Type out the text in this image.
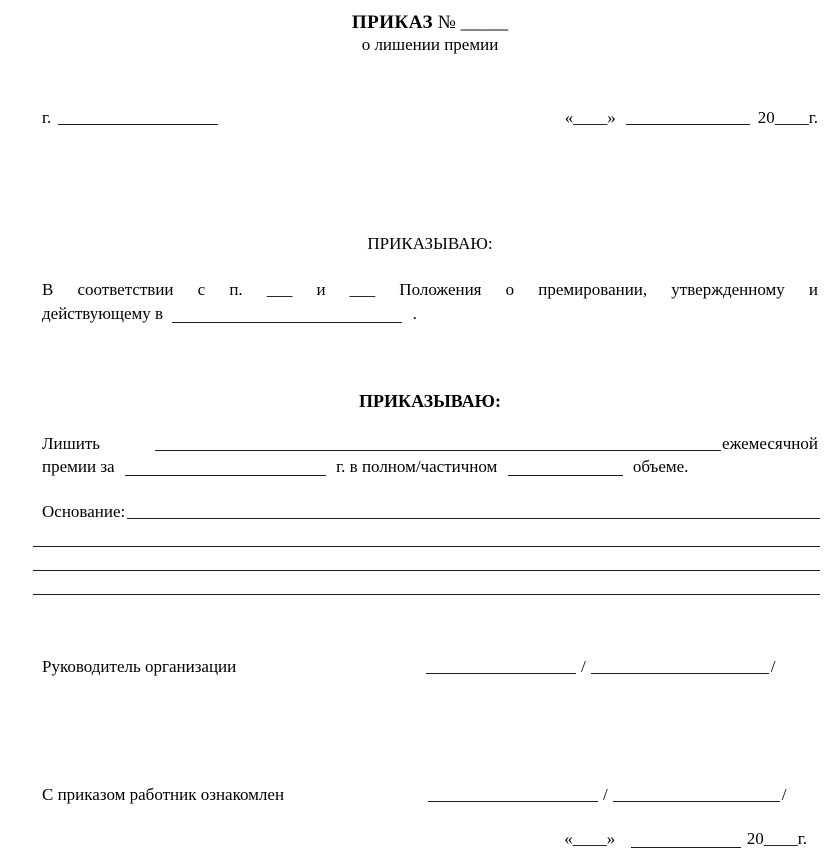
ПРИКАЗ № _____
о лишении премии
г.	«____»	20____г.
ПРИКАЗЫВАЮ:
В соответствии с п. ___ и ___ Положения о премировании, утвержденному и
действующему в	.
ПРИКАЗЫВАЮ:
Лишить	ежемесячной
премии за	г. в полном/частичном	объеме.
Основание:
Руководитель организации	/	/
С приказом работник ознакомлен	/	/
«____»	20____г.
